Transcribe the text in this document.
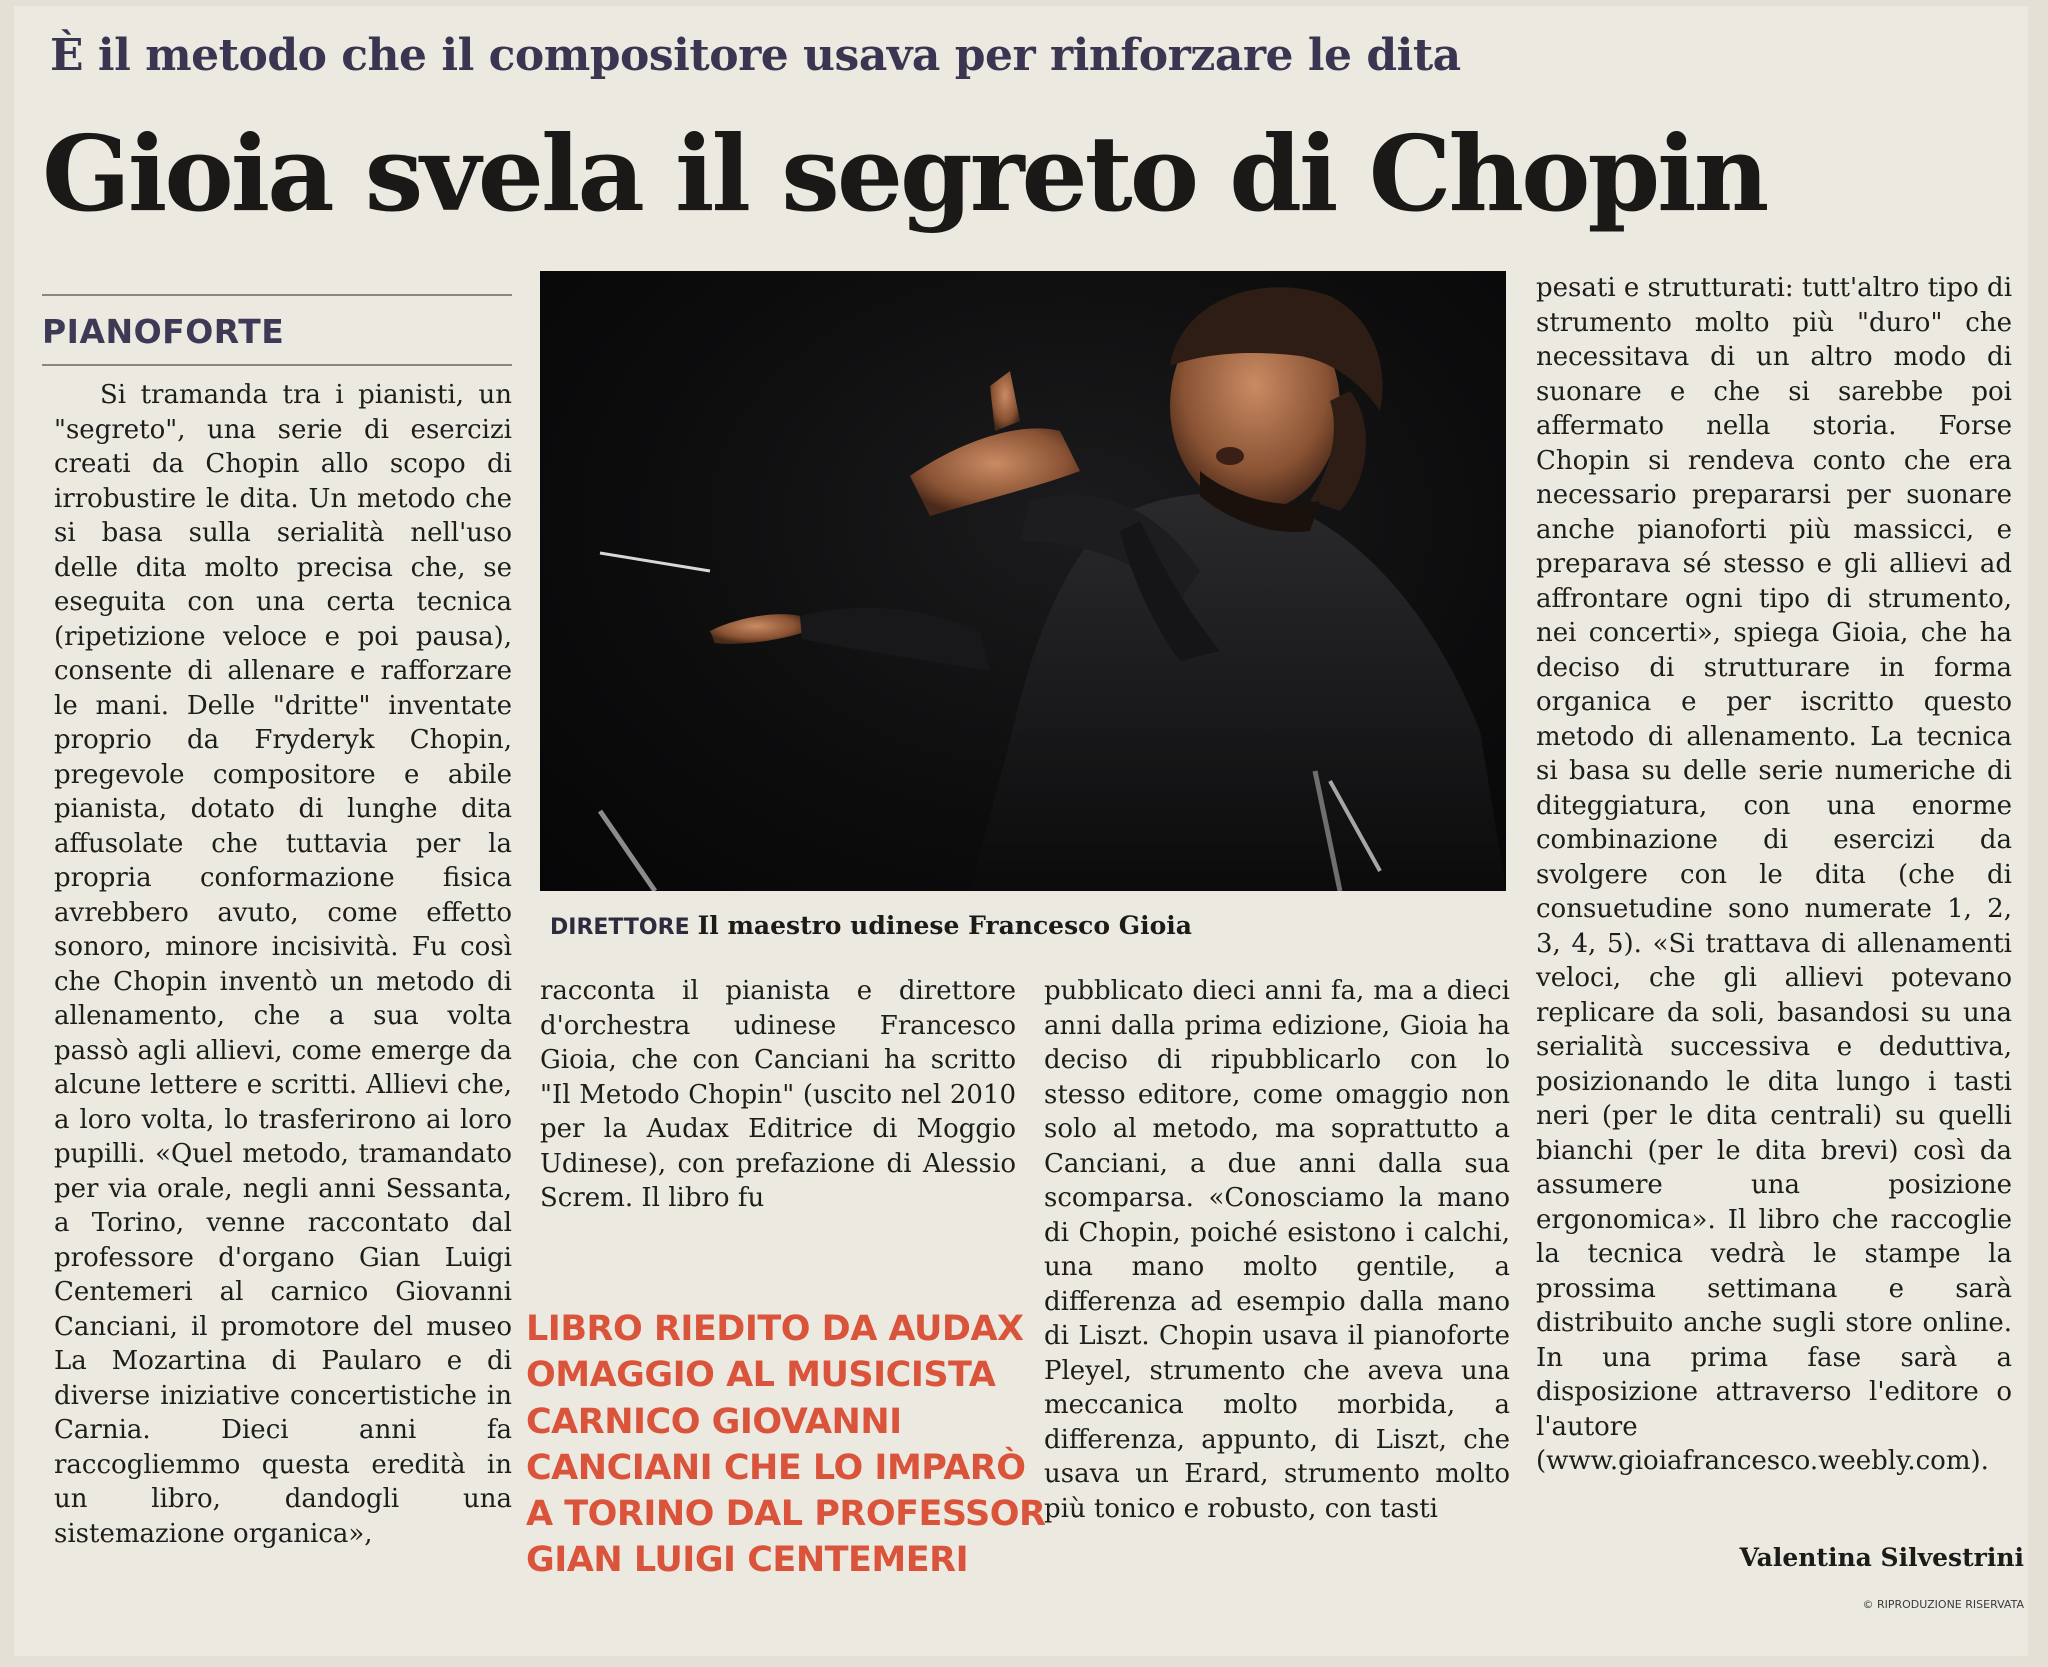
È il metodo che il compositore usava per rinforzare le dita
Gioia svela il segreto di Chopin
PIANOFORTE

Si tramanda tra i pianisti, un "segreto", una serie di esercizi creati da Chopin allo scopo di irrobustire le dita. Un metodo che si basa sulla serialità nell'uso delle dita molto precisa che, se eseguita con una certa tecnica (ripetizione veloce e poi pausa), consente di allenare e rafforzare le mani. Delle "dritte" inventate proprio da Fryderyk Chopin, pregevole compositore e abile pianista, dotato di lunghe dita affusolate che tuttavia per la propria conformazione fisica avrebbero avuto, come effetto sonoro, minore incisività. Fu così che Chopin inventò un metodo di allenamento, che a sua volta passò agli allievi, come emerge da alcune lettere e scritti. Allievi che, a loro volta, lo trasferirono ai loro pupilli. «Quel metodo, tramandato per via orale, negli anni Sessanta, a Torino, venne raccontato dal professore d'organo Gian Luigi Centemeri al carnico Giovanni Canciani, il promotore del museo La Mozartina di Paularo e di diverse iniziative concertistiche in Carnia. Dieci anni fa raccogliemmo questa eredità in un libro, dandogli una sistemazione organica»,

DIRETTORE Il maestro udinese Francesco Gioia

racconta il pianista e direttore d'orchestra udinese Francesco Gioia, che con Canciani ha scritto "Il Metodo Chopin" (uscito nel 2010 per la Audax Editrice di Moggio Udinese), con prefazione di Alessio Screm. Il libro fu

LIBRO RIEDITO DA AUDAX
OMAGGIO AL MUSICISTA
CARNICO GIOVANNI
CANCIANI CHE LO IMPARÒ
A TORINO DAL PROFESSOR
GIAN LUIGI CENTEMERI

pubblicato dieci anni fa, ma a dieci anni dalla prima edizione, Gioia ha deciso di ripubblicarlo con lo stesso editore, come omaggio non solo al metodo, ma soprattutto a Canciani, a due anni dalla sua scomparsa. «Conosciamo la mano di Chopin, poiché esistono i calchi, una mano molto gentile, a differenza ad esempio dalla mano di Liszt. Chopin usava il pianoforte Pleyel, strumento che aveva una meccanica molto morbida, a differenza, appunto, di Liszt, che usava un Erard, strumento molto più tonico e robusto, con tasti

pesati e strutturati: tutt'altro tipo di strumento molto più "duro" che necessitava di un altro modo di suonare e che si sarebbe poi affermato nella storia. Forse Chopin si rendeva conto che era necessario prepararsi per suonare anche pianoforti più massicci, e preparava sé stesso e gli allievi ad affrontare ogni tipo di strumento, nei concerti», spiega Gioia, che ha deciso di strutturare in forma organica e per iscritto questo metodo di allenamento. La tecnica si basa su delle serie numeriche di diteggiatura, con una enorme combinazione di esercizi da svolgere con le dita (che di consuetudine sono numerate 1, 2, 3, 4, 5). «Si trattava di allenamenti veloci, che gli allievi potevano replicare da soli, basandosi su una serialità successiva e deduttiva, posizionando le dita lungo i tasti neri (per le dita centrali) su quelli bianchi (per le dita brevi) così da assumere una posizione ergonomica». Il libro che raccoglie la tecnica vedrà le stampe la prossima settimana e sarà distribuito anche sugli store online. In una prima fase sarà a disposizione attraverso l'editore o l'autore (www.gioiafrancesco.weebly.com).

Valentina Silvestrini
© RIPRODUZIONE RISERVATA
